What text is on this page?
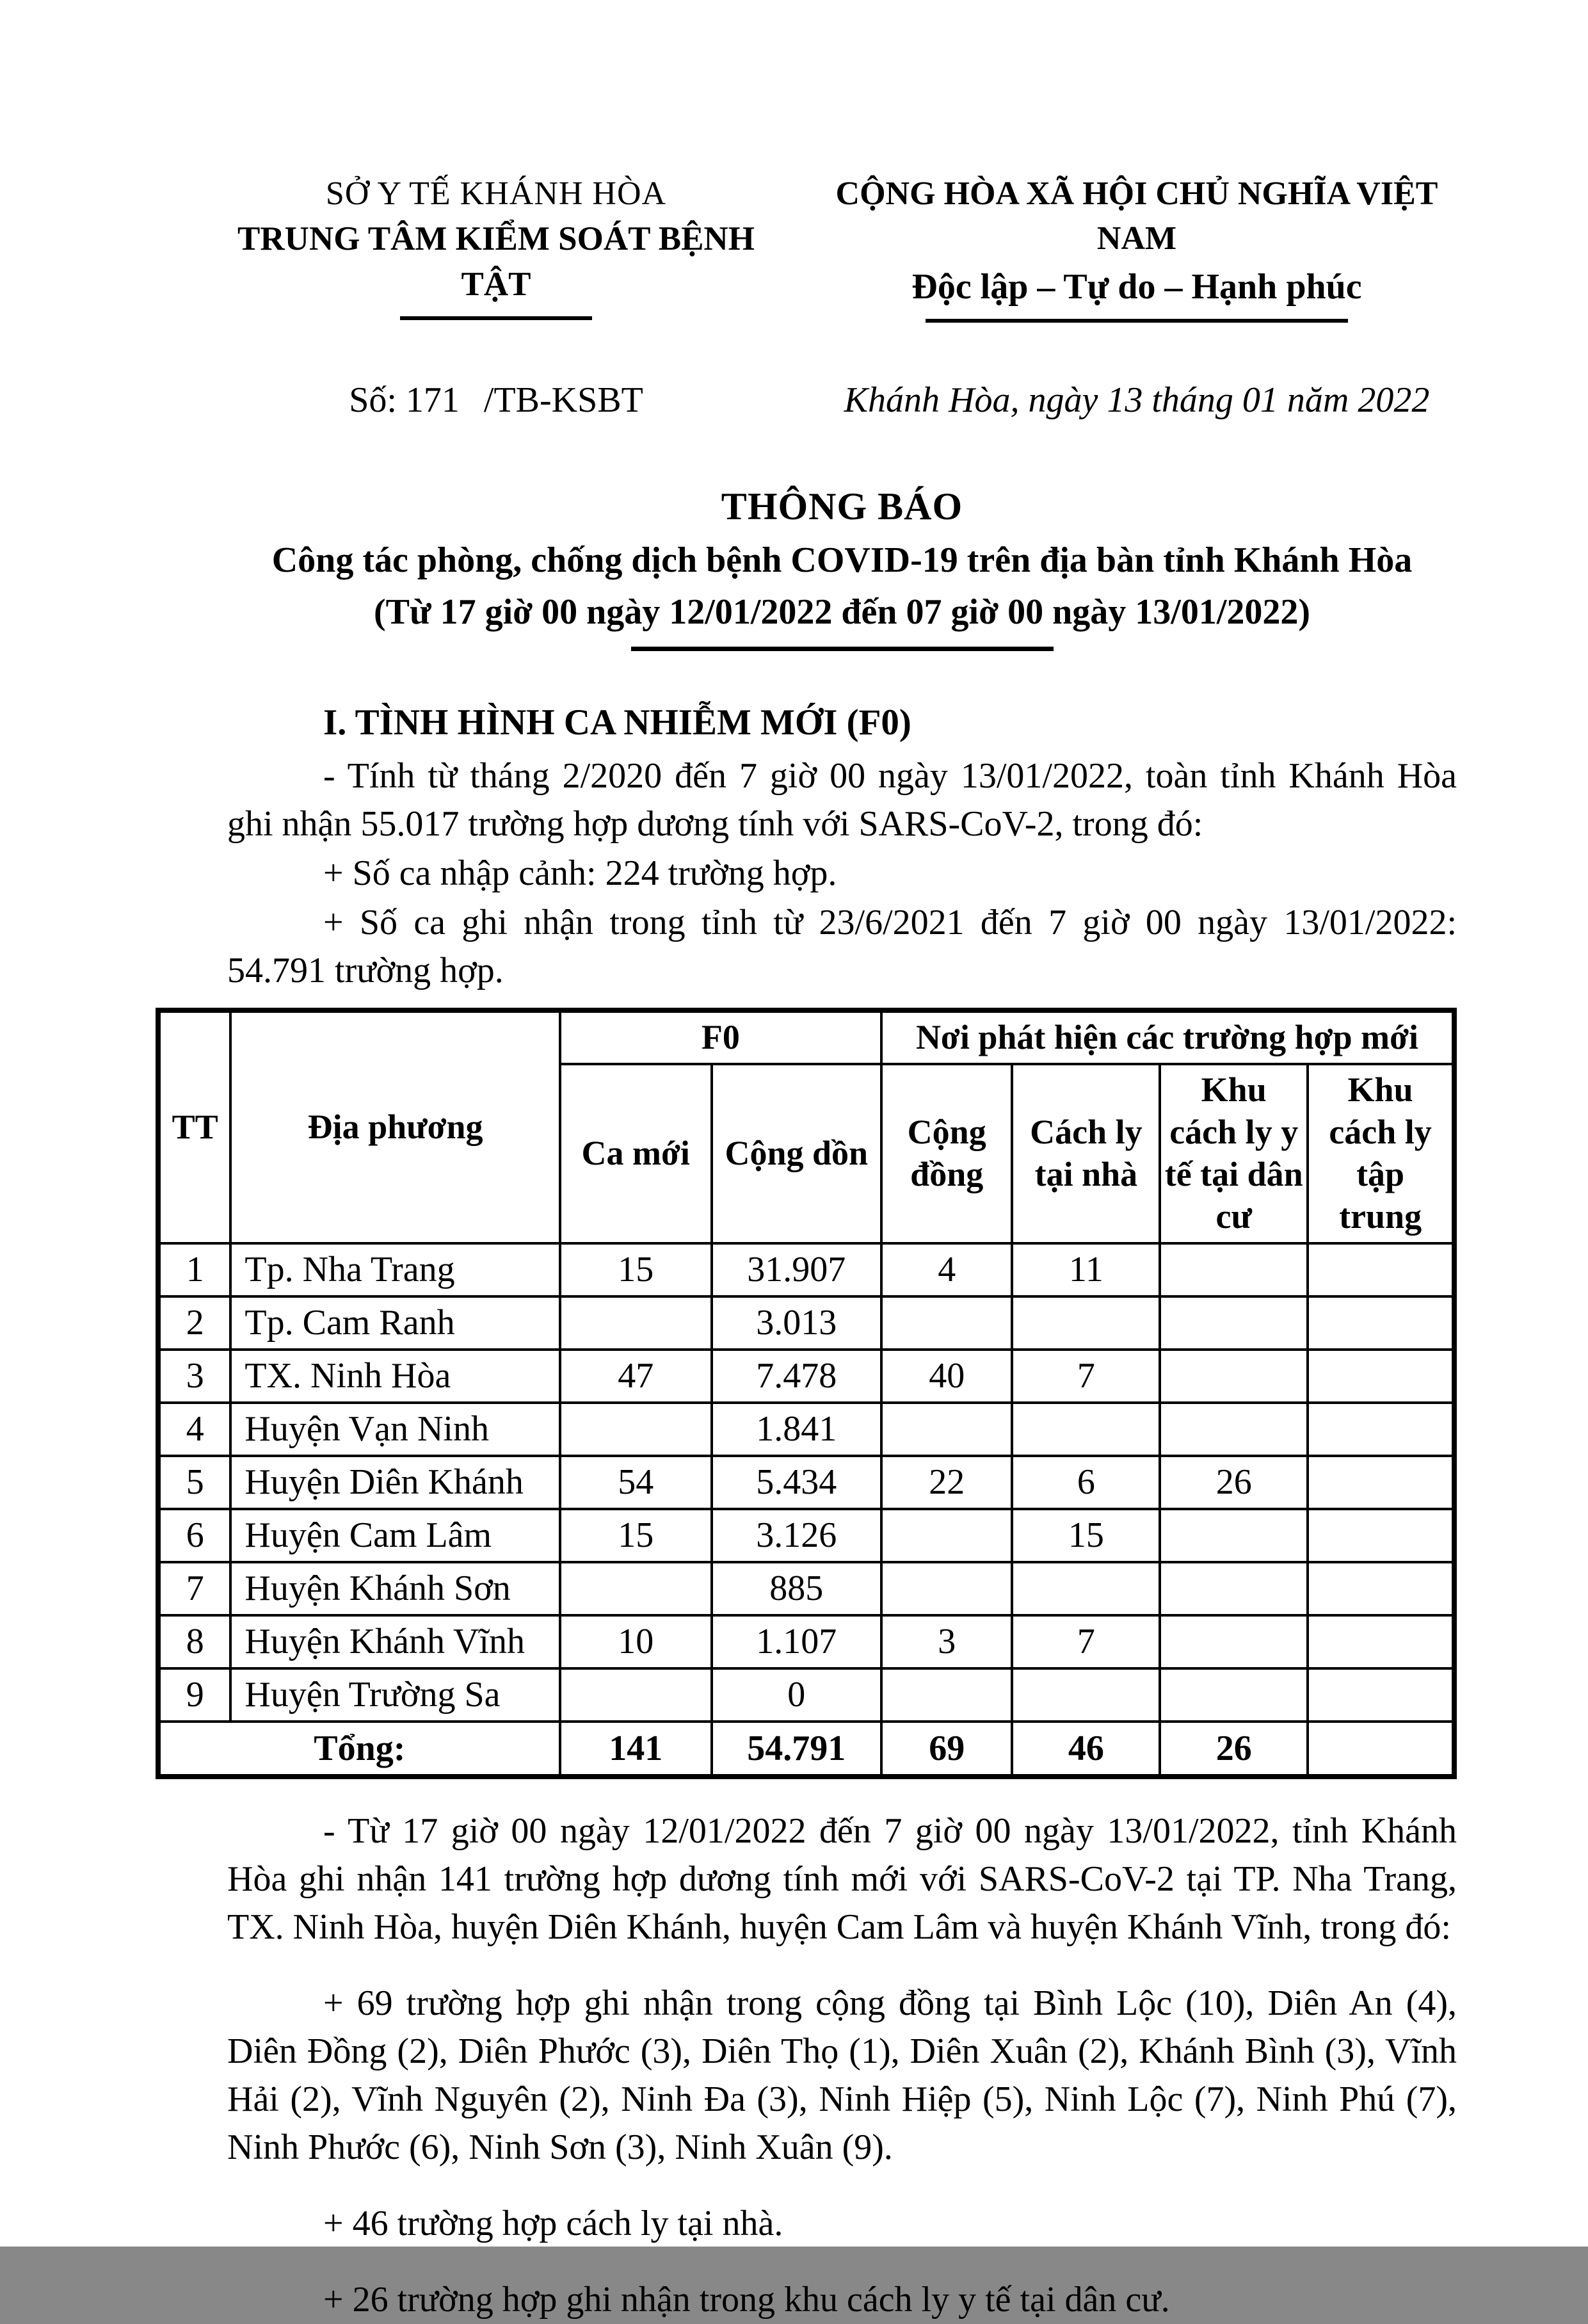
SỞ Y TẾ KHÁNH HÒA
TRUNG TÂM KIỂM SOÁT BỆNH TẬT
Số: 171 /TB-KSBT
CỘNG HÒA XÃ HỘI CHỦ NGHĨA VIỆT NAM
Độc lập – Tự do – Hạnh phúc
Khánh Hòa, ngày 13 tháng 01 năm 2022
THÔNG BÁO
Công tác phòng, chống dịch bệnh COVID-19 trên địa bàn tỉnh Khánh Hòa
(Từ 17 giờ 00 ngày 12/01/2022 đến 07 giờ 00 ngày 13/01/2022)
I. TÌNH HÌNH CA NHIỄM MỚI (F0)

- Tính từ tháng 2/2020 đến 7 giờ 00 ngày 13/01/2022, toàn tỉnh Khánh Hòa ghi nhận 55.017 trường hợp dương tính với SARS-CoV-2, trong đó:

+ Số ca nhập cảnh: 224 trường hợp.

+ Số ca ghi nhận trong tỉnh từ 23/6/2021 đến 7 giờ 00 ngày 13/01/2022: 54.791 trường hợp.

TT	Địa phương	F0		Nơi phát hiện các trường hợp mới			
		Ca mới	Cộng dồn	Cộng đồng	Cách ly tại nhà	Khu cách ly y tế tại dân cư	Khu cách ly tập trung
1	Tp. Nha Trang	15	31.907	4	11		
2	Tp. Cam Ranh		3.013				
3	TX. Ninh Hòa	47	7.478	40	7		
4	Huyện Vạn Ninh		1.841				
5	Huyện Diên Khánh	54	5.434	22	6	26	
6	Huyện Cam Lâm	15	3.126		15		
7	Huyện Khánh Sơn		885				
8	Huyện Khánh Vĩnh	10	1.107	3	7		
9	Huyện Trường Sa		0				
Tổng:		141	54.791	69	46	26	

- Từ 17 giờ 00 ngày 12/01/2022 đến 7 giờ 00 ngày 13/01/2022, tỉnh Khánh Hòa ghi nhận 141 trường hợp dương tính mới với SARS-CoV-2 tại TP. Nha Trang, TX. Ninh Hòa, huyện Diên Khánh, huyện Cam Lâm và huyện Khánh Vĩnh, trong đó:

+ 69 trường hợp ghi nhận trong cộng đồng tại Bình Lộc (10), Diên An (4), Diên Đồng (2), Diên Phước (3), Diên Thọ (1), Diên Xuân (2), Khánh Bình (3), Vĩnh Hải (2), Vĩnh Nguyên (2), Ninh Đa (3), Ninh Hiệp (5), Ninh Lộc (7), Ninh Phú (7), Ninh Phước (6), Ninh Sơn (3), Ninh Xuân (9).

+ 46 trường hợp cách ly tại nhà.

+ 26 trường hợp ghi nhận trong khu cách ly y tế tại dân cư.
